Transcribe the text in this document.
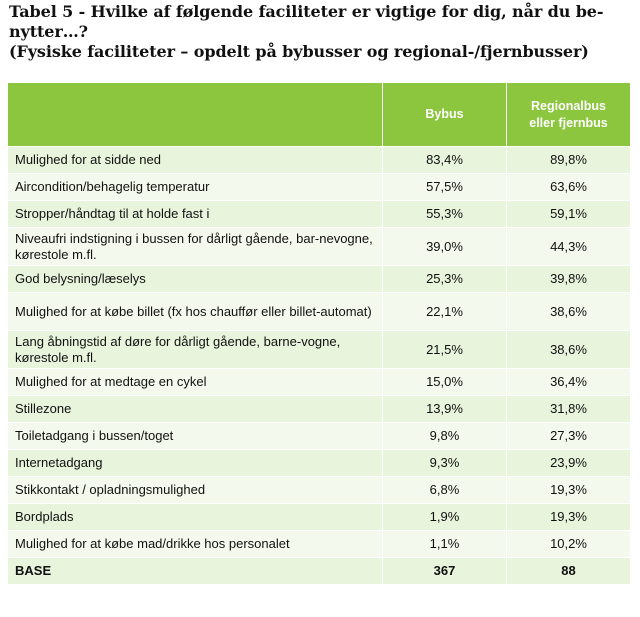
Tabel 5 - Hvilke af følgende faciliteter er vigtige for dig, når du be-
nytter…?
(Fysiske faciliteter – opdelt på bybusser og regional-/fjernbusser)
	Bybus	Regionalbus eller fjernbus
Mulighed for at sidde ned	83,4%	89,8%
Aircondition/behagelig temperatur	57,5%	63,6%
Stropper/håndtag til at holde fast i	55,3%	59,1%
Niveaufri indstigning i bussen for dårligt gående, bar-nevogne, kørestole m.fl.	39,0%	44,3%
God belysning/læselys	25,3%	39,8%
Mulighed for at købe billet (fx hos chauffør eller billet-automat)	22,1%	38,6%
Lang åbningstid af døre for dårligt gående, barne-vogne, kørestole m.fl.	21,5%	38,6%
Mulighed for at medtage en cykel	15,0%	36,4%
Stillezone	13,9%	31,8%
Toiletadgang i bussen/toget	9,8%	27,3%
Internetadgang	9,3%	23,9%
Stikkontakt / opladningsmulighed	6,8%	19,3%
Bordplads	1,9%	19,3%
Mulighed for at købe mad/drikke hos personalet	1,1%	10,2%
BASE	367	88
